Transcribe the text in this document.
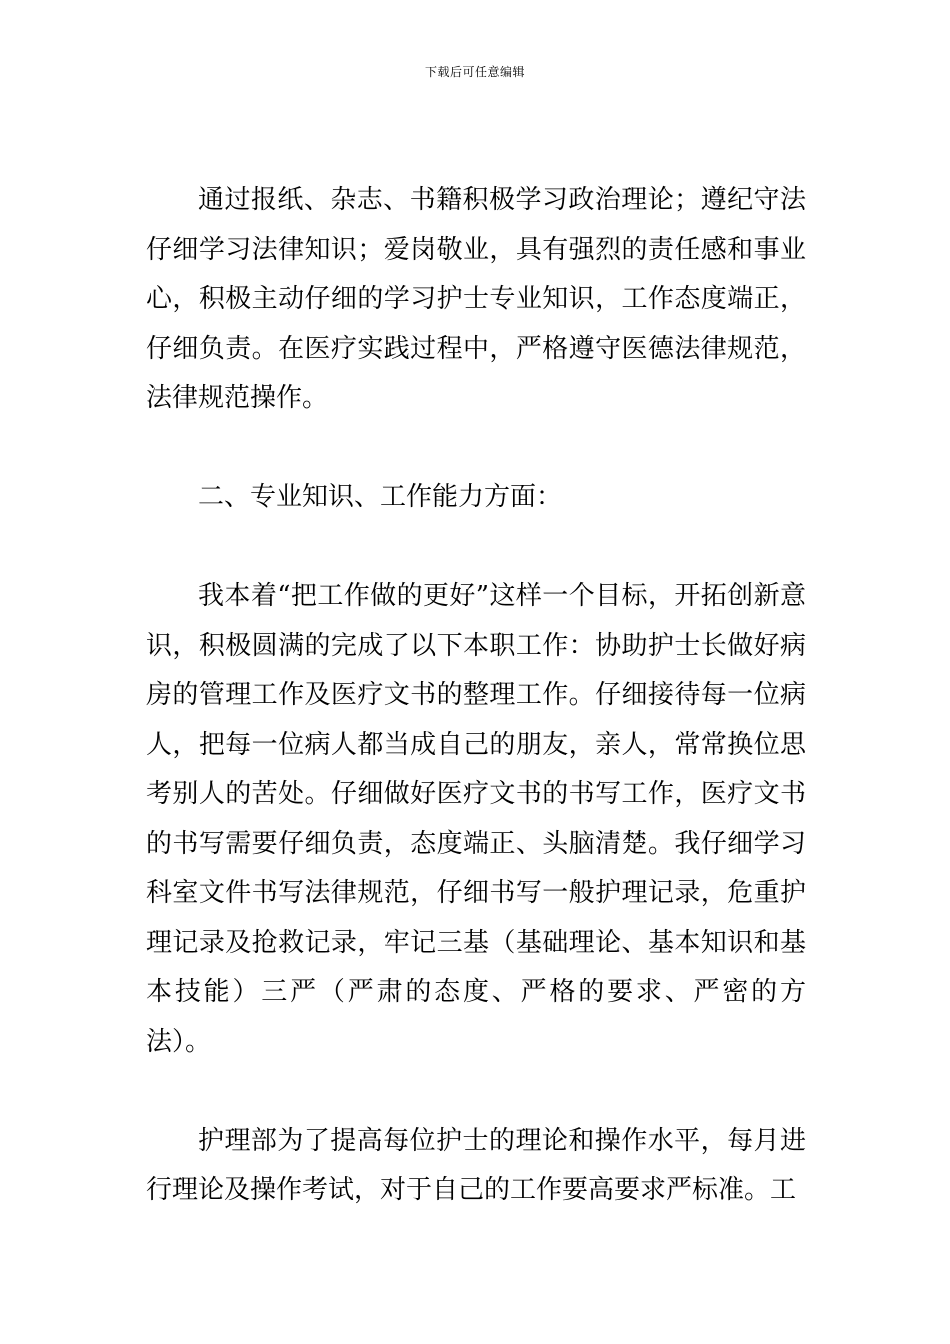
下载后可任意编辑

通过报纸、杂志、书籍积极学习政治理论；遵纪守法仔细学习法律知识；爱岗敬业，具有强烈的责任感和事业心，积极主动仔细的学习护士专业知识，工作态度端正，仔细负责。在医疗实践过程中，严格遵守医德法律规范，法律规范操作。

二、专业知识、工作能力方面：

我本着“把工作做的更好”这样一个目标，开拓创新意识，积极圆满的完成了以下本职工作：协助护士长做好病房的管理工作及医疗文书的整理工作。仔细接待每一位病人，把每一位病人都当成自己的朋友，亲人，常常换位思考别人的苦处。仔细做好医疗文书的书写工作，医疗文书的书写需要仔细负责，态度端正、头脑清楚。我仔细学习科室文件书写法律规范，仔细书写一般护理记录，危重护理记录及抢救记录，牢记三基（基础理论、基本知识和基本技能）三严（严肃的态度、严格的要求、严密的方法）。

护理部为了提高每位护士的理论和操作水平，每月进行理论及操作考试，对于自己的工作要高要求严标准。工
